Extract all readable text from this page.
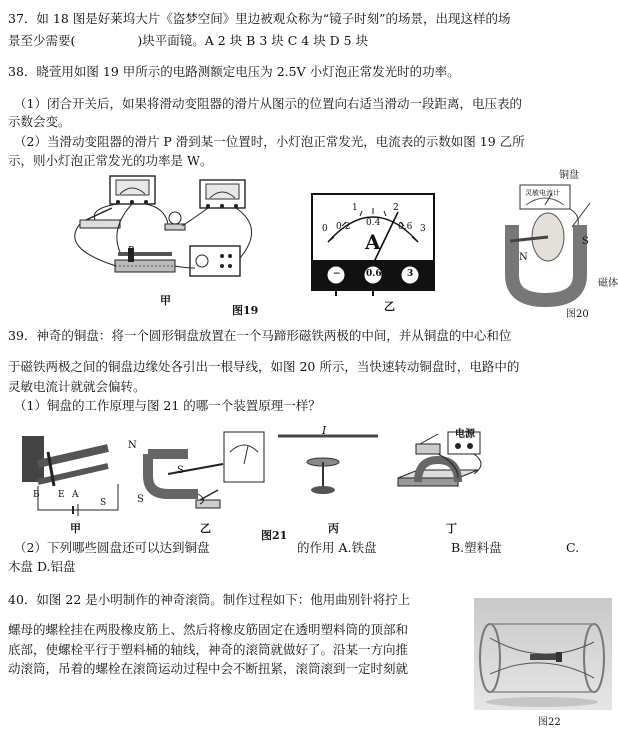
37．如 18 图是好莱坞大片《盗梦空间》里边被观众称为“镜子时刻”的场景，出现这样的场
景至少需要(	)块平面镜。A 2 块 B 3 块 C 4 块 D 5 块
38．晓萱用如图 19 甲所示的电路测额定电压为 2.5V 小灯泡正常发光时的功率。
（1）闭合开关后，如果将滑动变阻器的滑片从图示的位置向右适当滑动一段距离，电压表的
示数会变。
（2）当滑动变阻器的滑片 P 滑到某一位置时，小灯泡正常发光，电流表的示数如图 19 乙所
示，则小灯泡正常发光的功率是 W。
P
甲
图19
0
1	2
3
0.2 0.4 0.6
A
−	0.6	3
乙
铜盘
灵敏电流计
N
S
磁体
图20
39．神奇的铜盘：将一个圆形铜盘放置在一个马蹄形磁铁两极的中间，并从铜盘的中心和位
于磁铁两极之间的铜盘边缘处各引出一根导线，如图 20 所示，当快速转动铜盘时，电路中的
灵敏电流计就就会偏转。
（1）铜盘的工作原理与图 21 的哪一个装置原理一样？
N
S
S
B E A
S
I	电源
甲	乙
图21
丙	丁
（2）下列哪些圆盘还可以达到铜盘	的作用 A.铁盘	B.塑料盘	C.
木盘 D.铝盘
40．如图 22 是小明制作的神奇滚筒。制作过程如下：他用曲别针将拧上
螺母的螺栓挂在两股橡皮筋上、然后将橡皮筋固定在透明塑料筒的顶部和
底部，使螺栓平行于塑料桶的轴线，神奇的滚筒就做好了。沿某一方向推
动滚筒，吊着的螺栓在滚筒运动过程中会不断扭紧，滚筒滚到一定时刻就
图22
